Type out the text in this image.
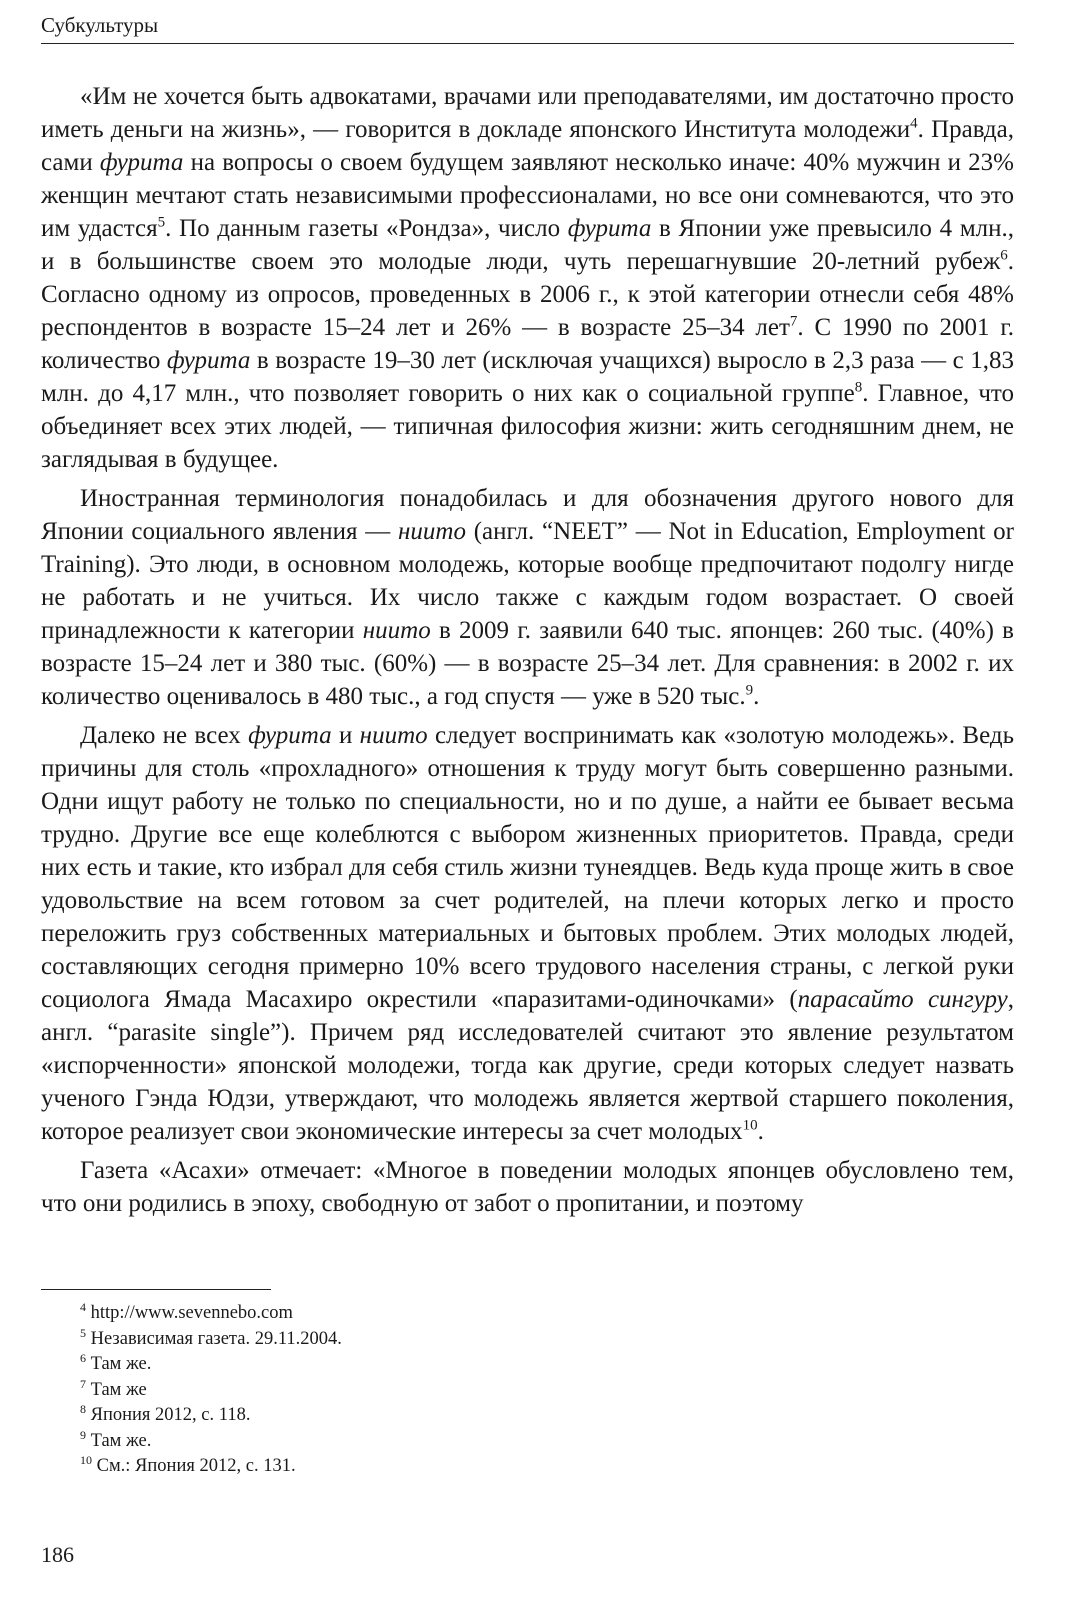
Субкультуры

«Им не хочется быть адвокатами, врачами или преподавателями, им достаточно просто иметь деньги на жизнь», — говорится в докладе японского Института молодежи$^4$. Правда, сами фурита на вопросы о своем будущем заявляют несколько иначе: 40% мужчин и 23% женщин мечтают стать независимыми профессионалами, но все они сомневаются, что это им удастся$^5$. По данным газеты «Рондза», число фурита в Японии уже превысило 4 млн., и в большинстве своем это молодые люди, чуть перешагнувшие 20-летний рубеж$^6$. Согласно одному из опросов, проведенных в 2006 г., к этой категории отнесли себя 48% респондентов в возрасте 15–24 лет и 26% — в возрасте 25–34 лет$^7$. С 1990 по 2001 г. количество фурита в возрасте 19–30 лет (исключая учащихся) выросло в 2,3 раза — с 1,83 млн. до 4,17 млн., что позволяет говорить о них как о социальной группе$^8$. Главное, что объединяет всех этих людей, — типичная философия жизни: жить сегодняшним днем, не заглядывая в будущее.

Иностранная терминология понадобилась и для обозначения другого нового для Японии социального явления — ниито (англ. “NEET” — Not in Education, Employment or Training). Это люди, в основном молодежь, которые вообще предпочитают подолгу нигде не работать и не учиться. Их число также с каждым годом возрастает. О своей принадлежности к категории ниито в 2009 г. заявили 640 тыс. японцев: 260 тыс. (40%) в возрасте 15–24 лет и 380 тыс. (60%) — в возрасте 25–34 лет. Для сравнения: в 2002 г. их количество оценивалось в 480 тыс., а год спустя — уже в 520 тыс.$^9$.

Далеко не всех фурита и ниито следует воспринимать как «золотую молодежь». Ведь причины для столь «прохладного» отношения к труду могут быть совершенно разными. Одни ищут работу не только по специальности, но и по душе, а найти ее бывает весьма трудно. Другие все еще колеблются с выбором жизненных приоритетов. Правда, среди них есть и такие, кто избрал для себя стиль жизни тунеядцев. Ведь куда проще жить в свое удовольствие на всем готовом за счет родителей, на плечи которых легко и просто переложить груз собственных материальных и бытовых проблем. Этих молодых людей, составляющих сегодня примерно 10% всего трудового населения страны, с легкой руки социолога Ямада Масахиро окрестили «паразитами-одиночками» (парасайто сингуру, англ. “parasite single”). Причем ряд исследователей считают это явление результатом «испорченности» японской молодежи, тогда как другие, среди которых следует назвать ученого Гэнда Юдзи, утверждают, что молодежь является жертвой старшего поколения, которое реализует свои экономические интересы за счет молодых$^{10}$.

Газета «Асахи» отмечает: «Многое в поведении молодых японцев обусловлено тем, что они родились в эпоху, свободную от забот о пропитании, и поэтому

$^4$ http://www.sevennebo.com
$^5$ Независимая газета. 29.11.2004.
$^6$ Там же.
$^7$ Там же
$^8$ Япония 2012, с. 118.
$^9$ Там же.
$^{10}$ См.: Япония 2012, с. 131.
186
